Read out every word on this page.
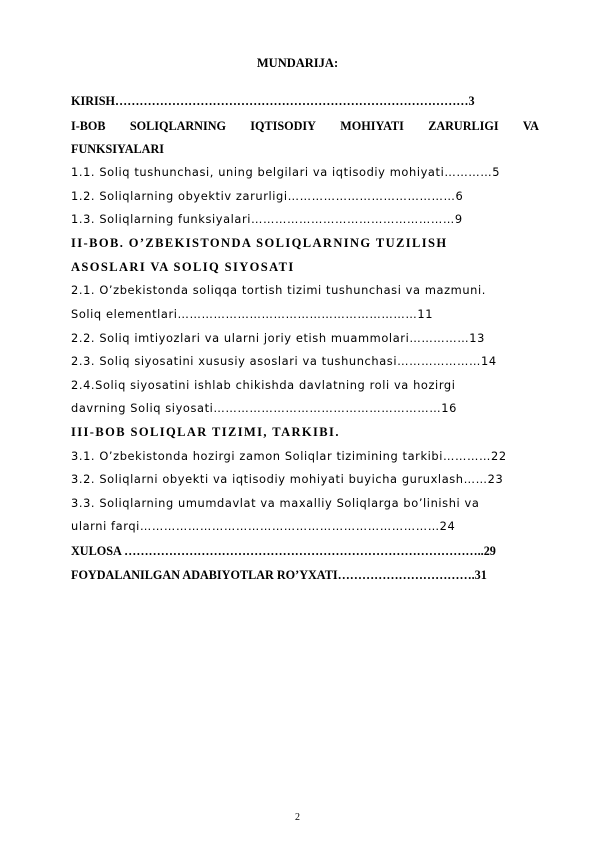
MUNDARIJA:
KIRISH……………………………………………………………………………3
I-BOB SOLIQLARNING IQTISODIY MOHIYATI ZARURLIGI VA
FUNKSIYALARI
1.1. Soliq tushunchasi, uning belgilari va iqtisodiy mohiyati…………5
1.2. Soliqlarning obyektiv zarurligi……………………………………6
1.3. Soliqlarning funksiyalari……………………………………………9
II-BOB. O’ZBEKISTONDA SOLIQLARNING TUZILISH
ASOSLARI VA SOLIQ SIYOSATI
2.1. O’zbekistonda soliqqa tortish tizimi tushunchasi va mazmuni.
Soliq elementlari……………………………………………………11
2.2. Soliq imtiyozlari va ularni joriy etish muammolari……………13
2.3. Soliq siyosatini xususiy asoslari va tushunchasi…………………14
2.4.Soliq siyosatini ishlab chikishda davlatning roli va hozirgi
davrning Soliq siyosati…………………………………………………16
III-BOB SOLIQLAR TIZIMI, TARKIBI.
3.1. O’zbekistonda hozirgi zamon Soliqlar tizimining tarkibi…………22
3.2. Soliqlarni obyekti va iqtisodiy mohiyati buyicha guruxlash……23
3.3. Soliqlarning umumdavlat va maxalliy Soliqlarga bo’linishi va
ularni farqi…………………………………………………………………24
XULOSA ……………………………………………………………………………..29
FOYDALANILGAN ADABIYOTLAR RO’YXATI…………………………….31
2
